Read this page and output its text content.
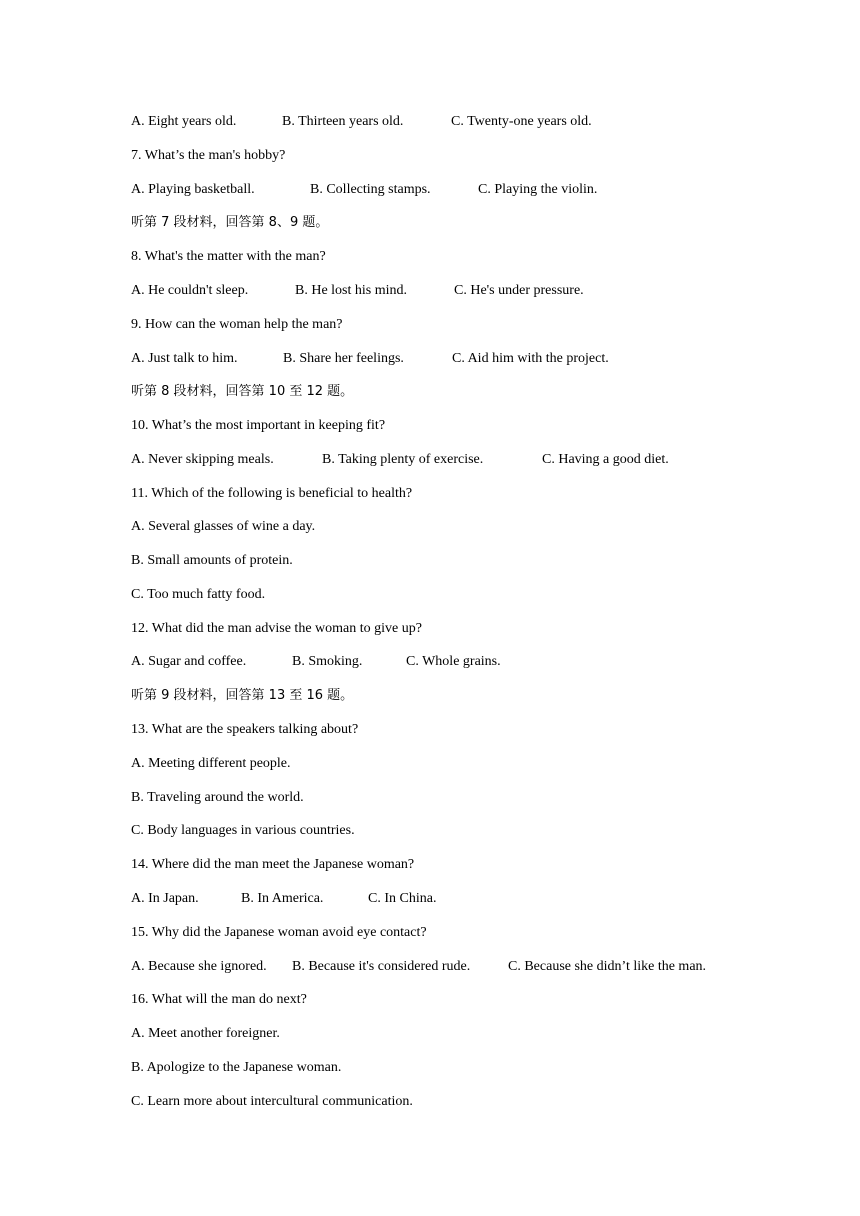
A. Eight years old.	B. Thirteen years old.	C. Twenty-one years old.
7. What’s the man's hobby?
A. Playing basketball.	B. Collecting stamps.	C. Playing the violin.
听第 7 段材料，回答第 8、9 题。
8. What's the matter with the man?
A. He couldn't sleep.	B. He lost his mind.	C. He's under pressure.
9. How can the woman help the man?
A. Just talk to him.	B. Share her feelings.	C. Aid him with the project.
听第 8 段材料，回答第 10 至 12 题。
10. What’s the most important in keeping fit?
A. Never skipping meals.	B. Taking plenty of exercise.	C. Having a good diet.
11. Which of the following is beneficial to health?
A. Several glasses of wine a day.
B. Small amounts of protein.
C. Too much fatty food.
12. What did the man advise the woman to give up?
A. Sugar and coffee.	B. Smoking.	C. Whole grains.
听第 9 段材料，回答第 13 至 16 题。
13. What are the speakers talking about?
A. Meeting different people.
B. Traveling around the world.
C. Body languages in various countries.
14. Where did the man meet the Japanese woman?
A. In Japan.	B. In America.	C. In China.
15. Why did the Japanese woman avoid eye contact?
A. Because she ignored. B. Because it's considered rude.	C. Because she didn’t like the man.
16. What will the man do next?
A. Meet another foreigner.
B. Apologize to the Japanese woman.
C. Learn more about intercultural communication.
